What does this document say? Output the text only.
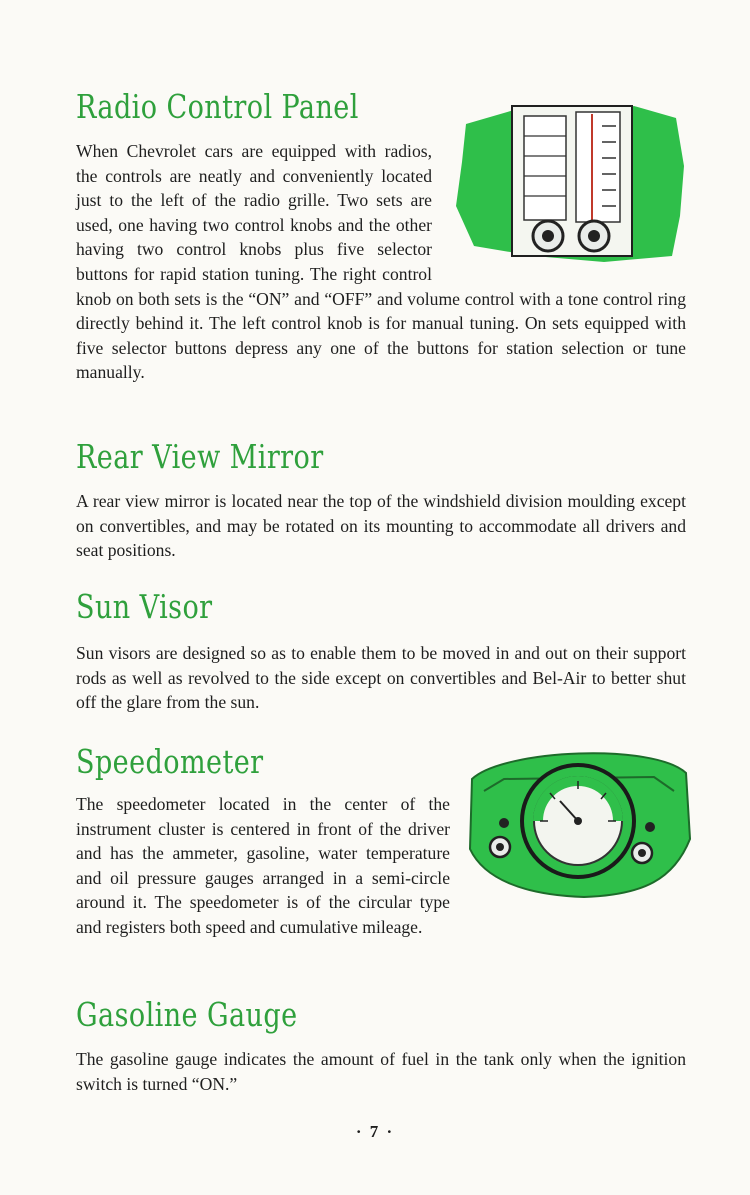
Radio Control Panel

When Chevrolet cars are equipped with radios, the controls are neatly and conveniently located just to the left of the radio grille. Two sets are used, one having two control knobs and the other having two control knobs plus five selector buttons for rapid station tuning. The right control knob on both sets is the “ON” and “OFF” and volume control with a tone control ring directly behind it. The left control knob is for manual tuning. On sets equipped with five selector buttons depress any one of the buttons for station selection or tune manually.

Rear View Mirror

A rear view mirror is located near the top of the windshield division moulding except on convertibles, and may be rotated on its mounting to accommodate all drivers and seat positions.

Sun Visor

Sun visors are designed so as to enable them to be moved in and out on their support rods as well as revolved to the side except on convertibles and Bel-Air to better shut off the glare from the sun.

Speedometer

The speedometer located in the center of the instrument cluster is centered in front of the driver and has the ammeter, gasoline, water temperature and oil pressure gauges arranged in a semi-circle around it. The speedometer is of the circular type and registers both speed and cumulative mileage.

Gasoline Gauge

The gasoline gauge indicates the amount of fuel in the tank only when the ignition switch is turned “ON.”

· 7 ·
